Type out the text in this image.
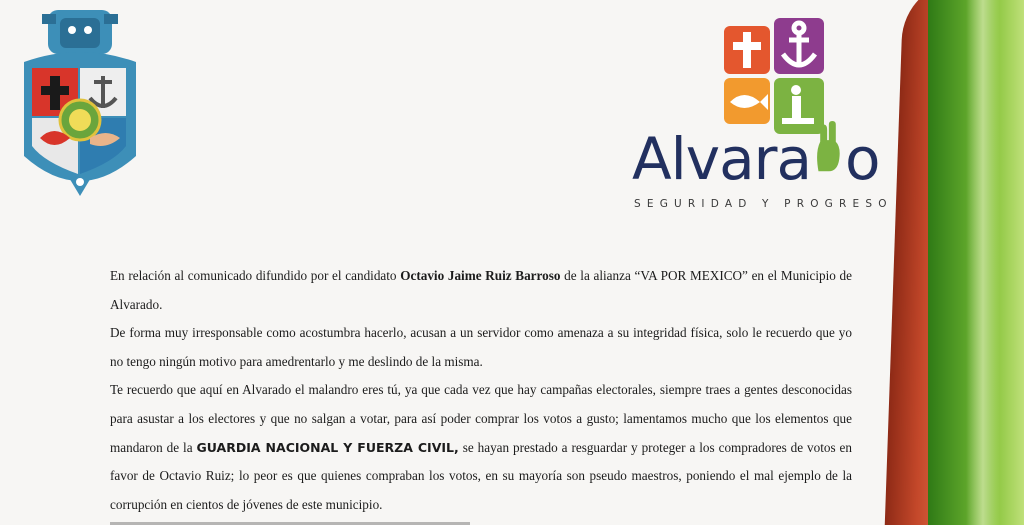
Alvara o
SEGURIDAD Y PROGRESO

En relación al comunicado difundido por el candidato Octavio Jaime Ruiz Barroso de la alianza “VA POR MEXICO” en el Municipio de Alvarado.

De forma muy irresponsable como acostumbra hacerlo, acusan a un servidor como amenaza a su integridad física, solo le recuerdo que yo no tengo ningún motivo para amedrentarlo y me deslindo de la misma.

Te recuerdo que aquí en Alvarado el malandro eres tú, ya que cada vez que hay campañas electorales, siempre traes a gentes desconocidas para asustar a los electores y que no salgan a votar, para así poder comprar los votos a gusto; lamentamos mucho que los elementos que mandaron de la GUARDIA NACIONAL Y FUERZA CIVIL, se hayan prestado a resguardar y proteger a los compradores de votos en favor de Octavio Ruiz; lo peor es que quienes compraban los votos, en su mayoría son pseudo maestros, poniendo el mal ejemplo de la corrupción en cientos de jóvenes de este municipio.
